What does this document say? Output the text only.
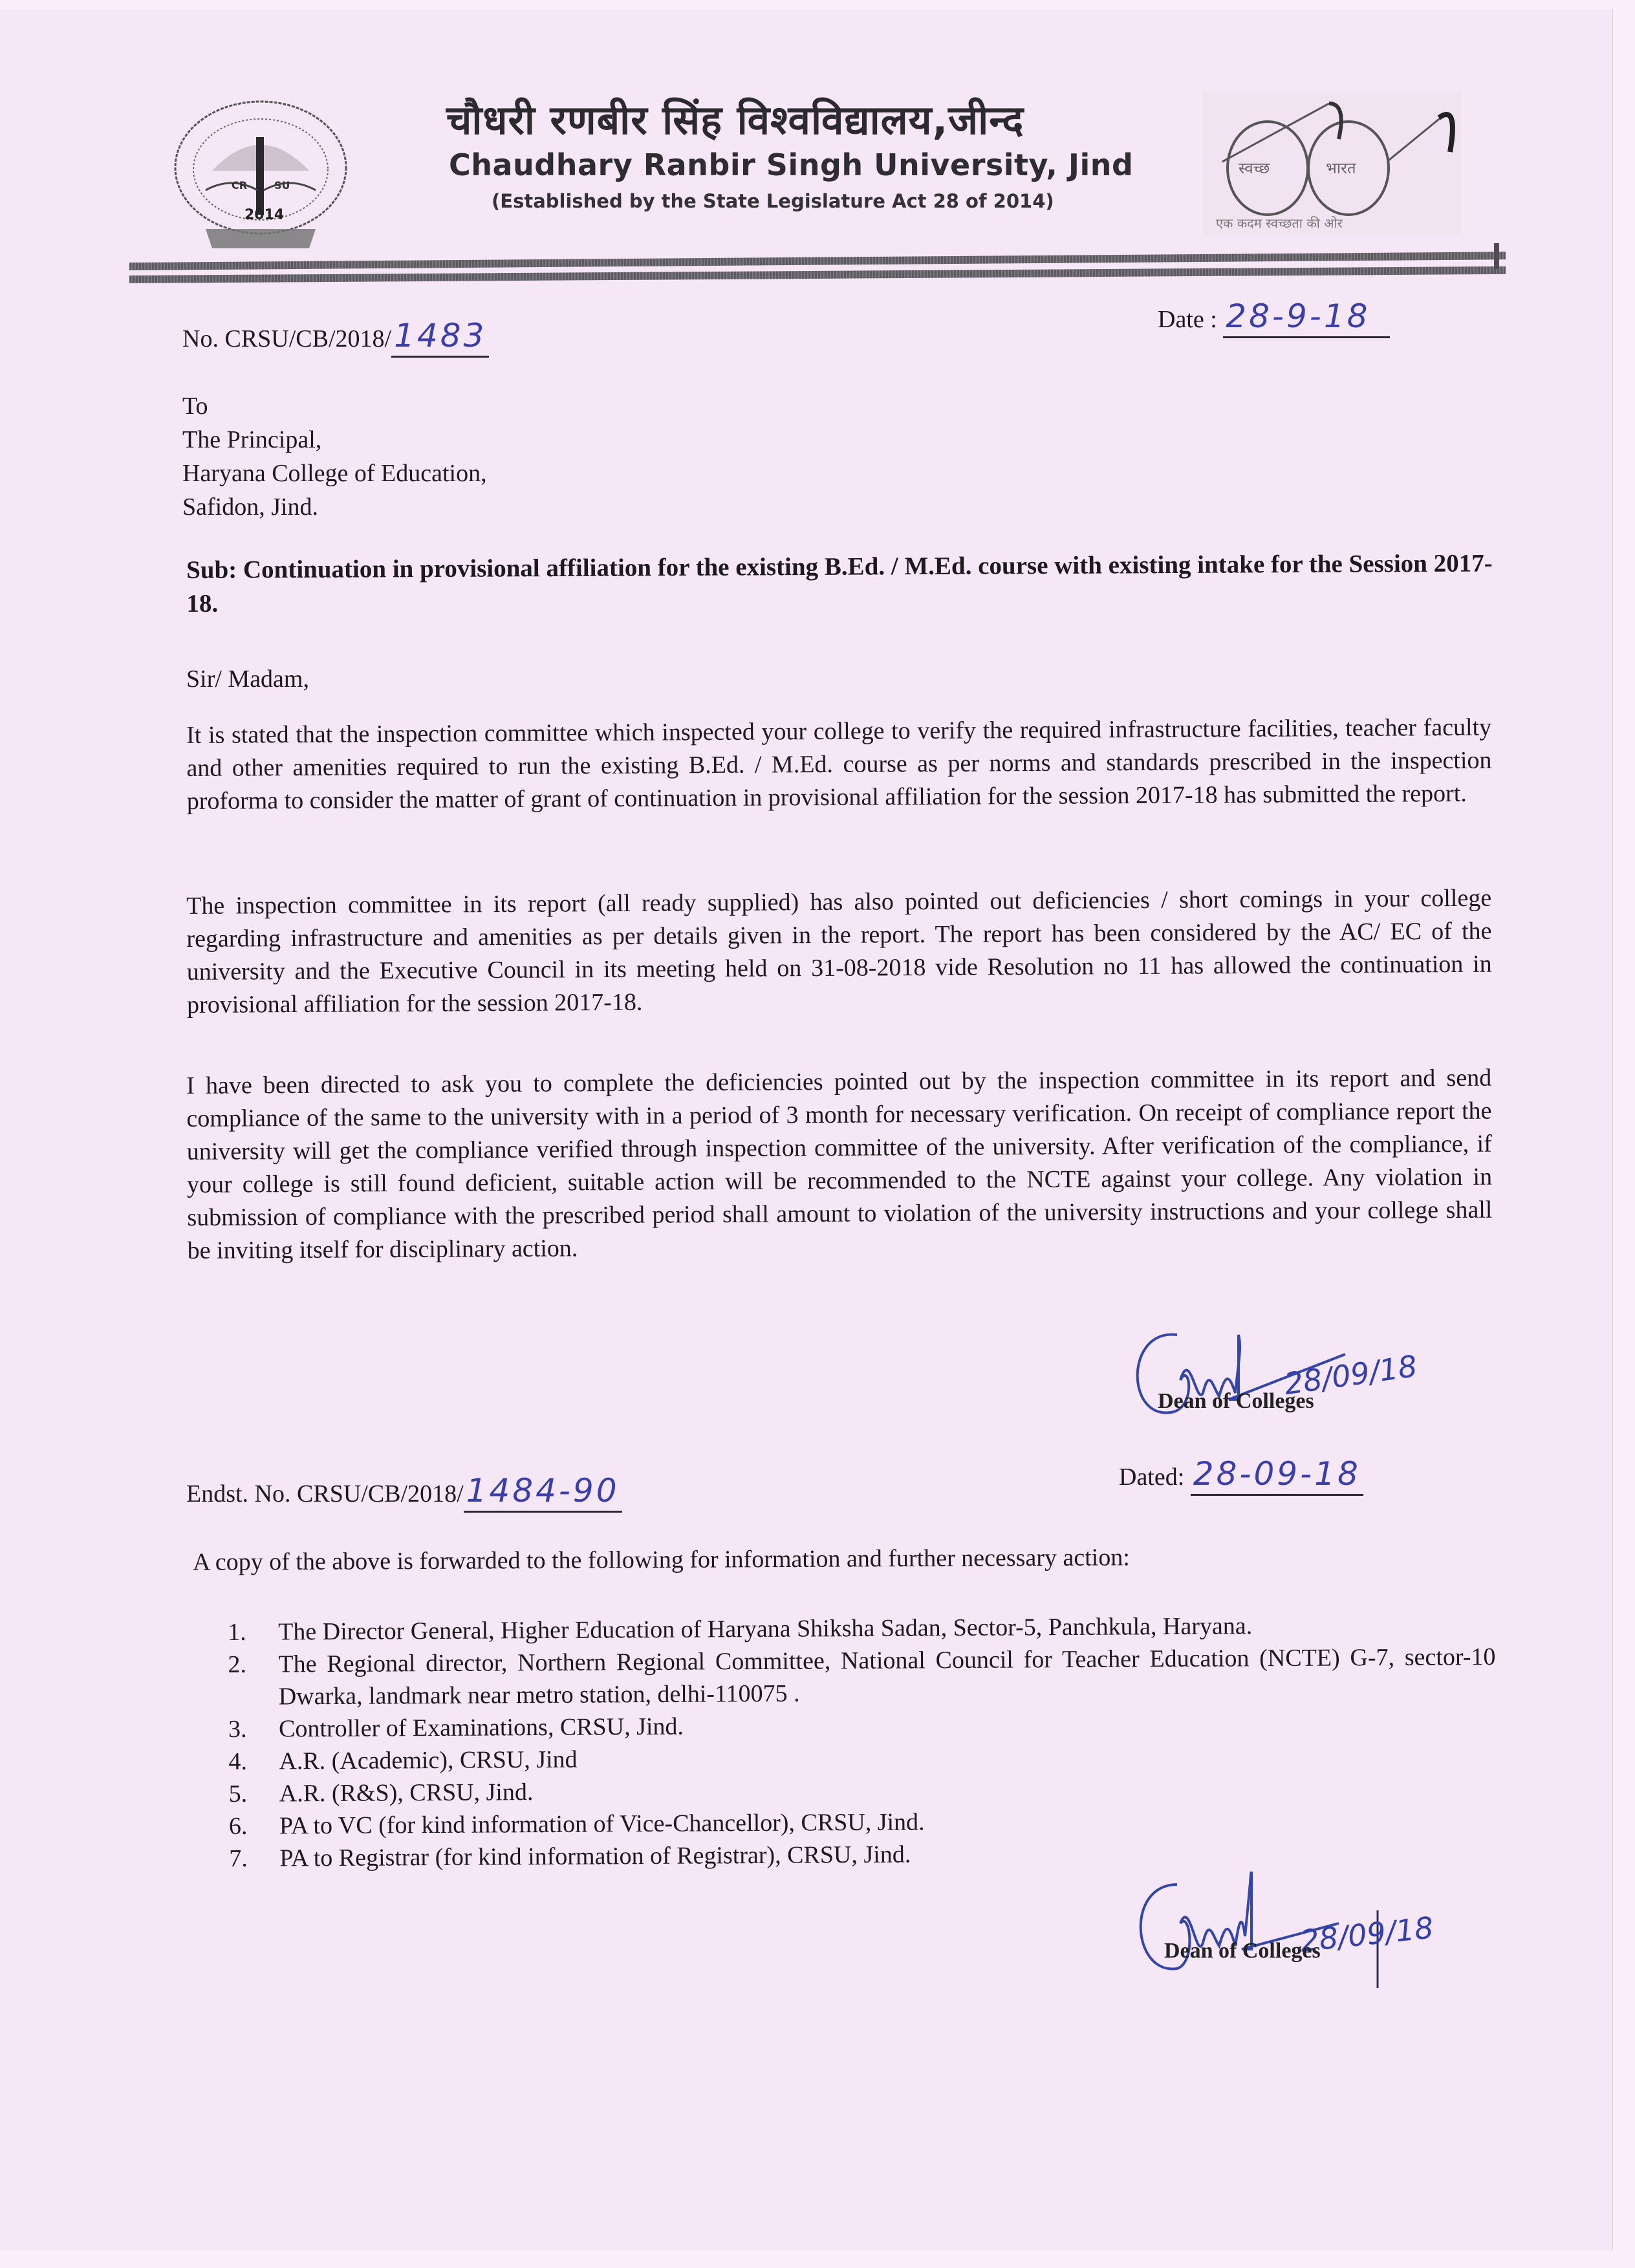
CR	SU
2014
चौधरी रणबीर सिंह विश्वविद्यालय,जीन्द
Chaudhary Ranbir Singh University, Jind
(Established by the State Legislature Act 28 of 2014)
स्वच्छ	भारत
एक कदम स्वच्छता की ओर
No. CRSU/CB/2018/1483	Date : 28-9-18
To
The Principal,
Haryana College of Education,
Safidon, Jind.
Sub: Continuation in provisional affiliation for the existing B.Ed. / M.Ed. course with existing intake for the Session 2017-18.
Sir/ Madam,
It is stated that the inspection committee which inspected your college to verify the required infrastructure facilities, teacher faculty and other amenities required to run the existing B.Ed. / M.Ed. course as per norms and standards prescribed in the inspection proforma to consider the matter of grant of continuation in provisional affiliation for the session 2017-18 has submitted the report.
The inspection committee in its report (all ready supplied) has also pointed out deficiencies / short comings in your college regarding infrastructure and amenities as per details given in the report. The report has been considered by the AC/ EC of the university and the Executive Council in its meeting held on 31-08-2018 vide Resolution no 11 has allowed the continuation in provisional affiliation for the session 2017-18.
I have been directed to ask you to complete the deficiencies pointed out by the inspection committee in its report and send compliance of the same to the university with in a period of 3 month for necessary verification. On receipt of compliance report the university will get the compliance verified through inspection committee of the university. After verification of the compliance, if your college is still found deficient, suitable action will be recommended to the NCTE against your college. Any violation in submission of compliance with the prescribed period shall amount to violation of the university instructions and your college shall be inviting itself for disciplinary action.
28/09/18
Dean of Colleges
Endst. No. CRSU/CB/2018/1484-90	Dated: 28-09-18
A copy of the above is forwarded to the following for information and further necessary action:
1. The Director General, Higher Education of Haryana Shiksha Sadan, Sector-5, Panchkula, Haryana.
2. The Regional director, Northern Regional Committee, National Council for Teacher Education (NCTE) G-7, sector-10 Dwarka, landmark near metro station, delhi-110075 .
3. Controller of Examinations, CRSU, Jind.
4. A.R. (Academic), CRSU, Jind
5. A.R. (R&S), CRSU, Jind.
6. PA to VC (for kind information of Vice-Chancellor), CRSU, Jind.
7. PA to Registrar (for kind information of Registrar), CRSU, Jind.
28/09/18
Dean of Colleges
